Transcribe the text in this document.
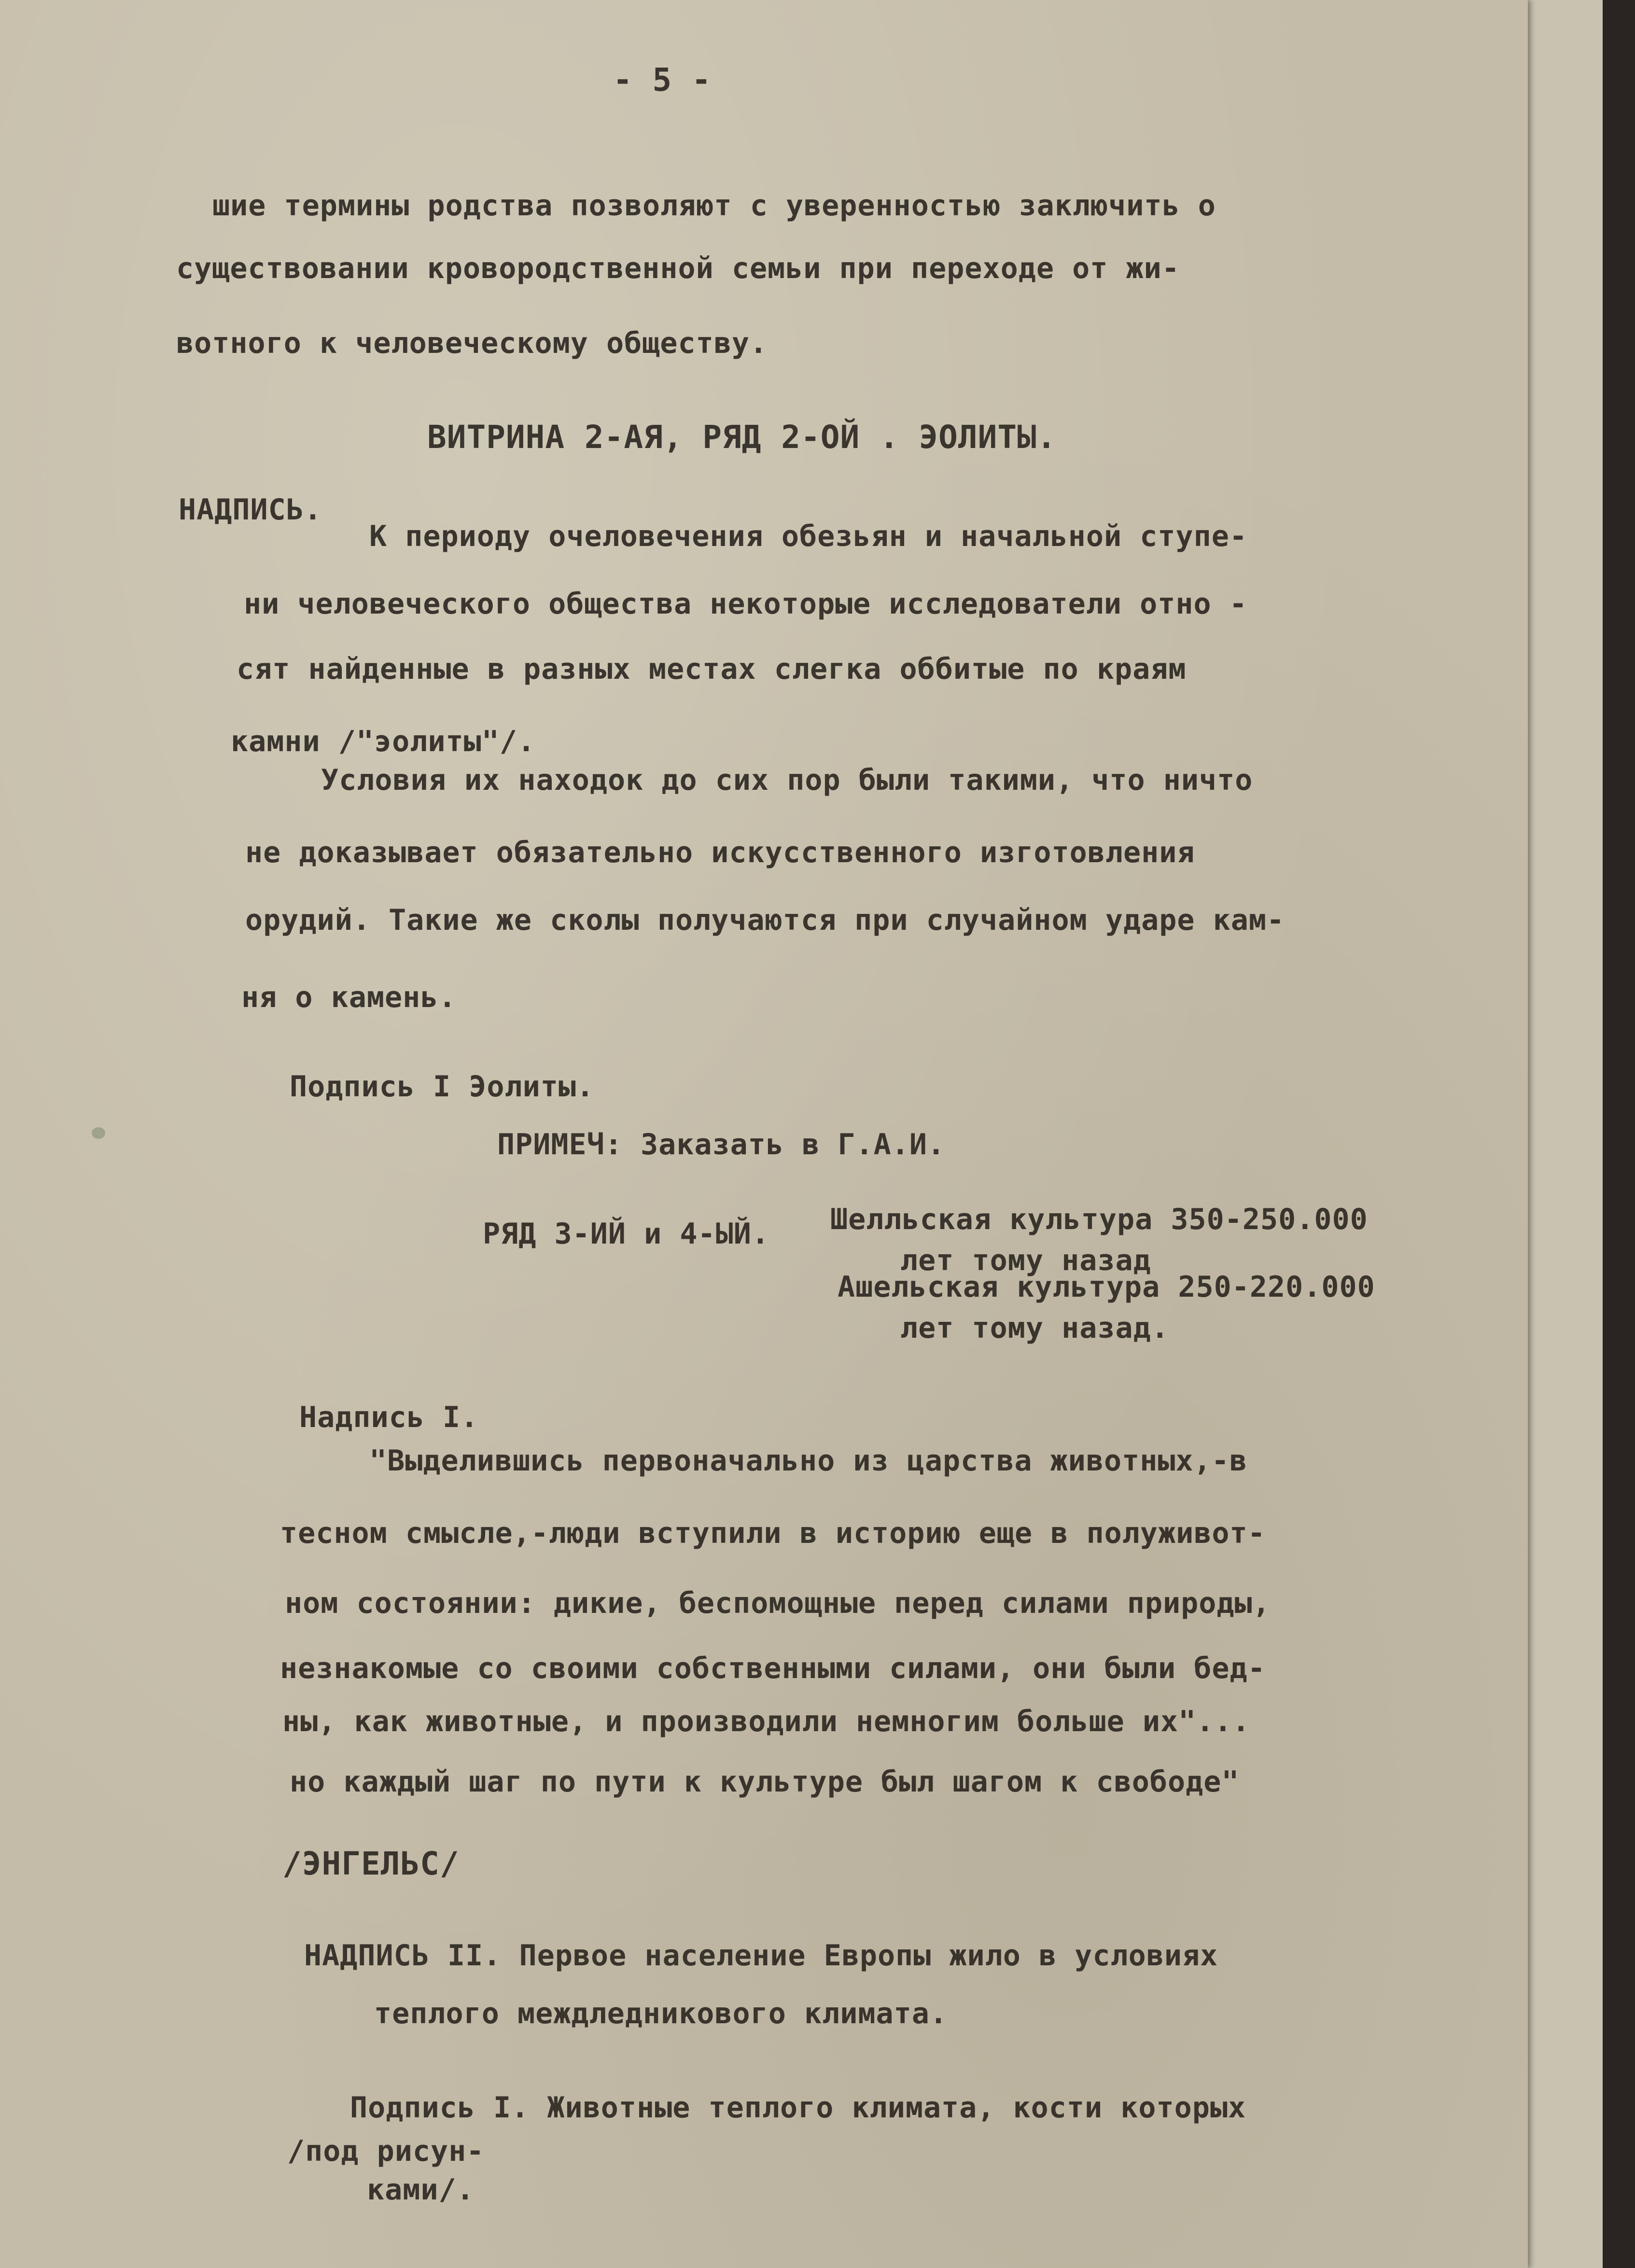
- 5 -
шие термины родства позволяют с уверенностью заключить о
существовании кровородственной семьи при переходе от жи-
вотного к человеческому обществу.
ВИТРИНА 2-АЯ, РЯД 2-ОЙ . ЭОЛИТЫ.
НАДПИСЬ.
К периоду очеловечения обезьян и начальной ступе-
ни человеческого общества некоторые исследователи отно -
сят найденные в разных местах слегка оббитые по краям
камни /"эолиты"/.
Условия их находок до сих пор были такими, что ничто
не доказывает обязательно искусственного изготовления
орудий. Такие же сколы получаются при случайном ударе кам-
ня о камень.
Подпись I Эолиты.
ПРИМЕЧ: Заказать в Г.А.И.
РЯД 3-ИЙ и 4-ЫЙ. Шелльская культура 350-250.000
лет тому назад
Ашельская культура 250-220.000
лет тому назад.
Надпись I.
"Выделившись первоначально из царства животных,-в
тесном смысле,-люди вступили в историю еще в полуживот-
ном состоянии: дикие, беспомощные перед силами природы,
незнакомые со своими собственными силами, они были бед-
ны, как животные, и производили немногим больше их"...
но каждый шаг по пути к культуре был шагом к свободе"
/ЭНГЕЛЬС/
НАДПИСЬ II. Первое население Европы жило в условиях
теплого междледникового климата.
Подпись I. Животные теплого климата, кости которых
/под рисун-
ками/.
